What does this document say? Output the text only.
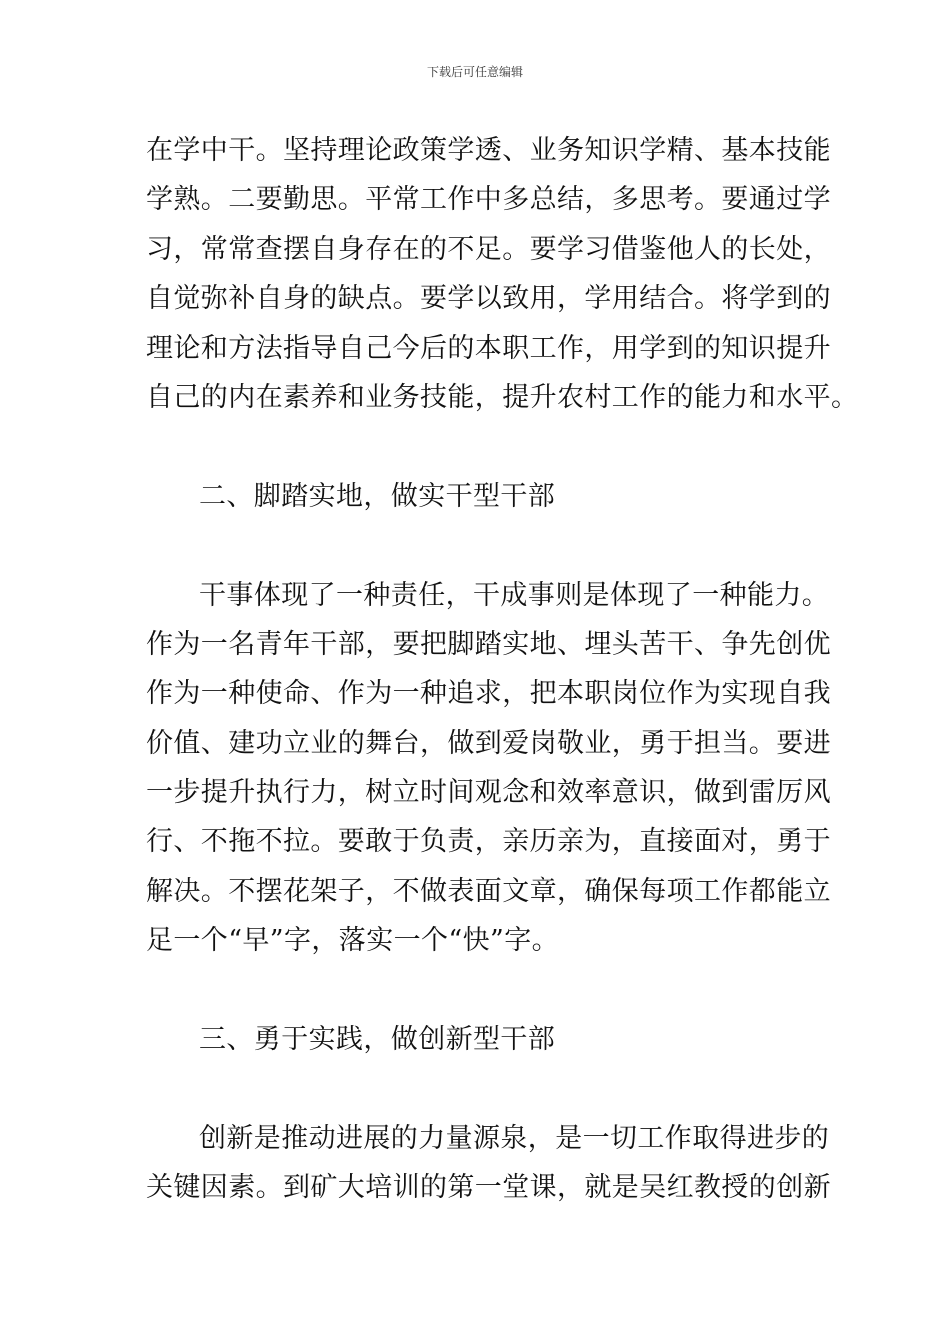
下载后可任意编辑
在学中干。坚持理论政策学透、业务知识学精、基本技能
学熟。二要勤思。平常工作中多总结，多思考。要通过学
习，常常查摆自身存在的不足。要学习借鉴他人的长处，
自觉弥补自身的缺点。要学以致用，学用结合。将学到的
理论和方法指导自己今后的本职工作，用学到的知识提升
自己的内在素养和业务技能，提升农村工作的能力和水平。
二、脚踏实地，做实干型干部
干事体现了一种责任，干成事则是体现了一种能力。
作为一名青年干部，要把脚踏实地、埋头苦干、争先创优
作为一种使命、作为一种追求，把本职岗位作为实现自我
价值、建功立业的舞台，做到爱岗敬业，勇于担当。要进
一步提升执行力，树立时间观念和效率意识，做到雷厉风
行、不拖不拉。要敢于负责，亲历亲为，直接面对，勇于
解决。不摆花架子，不做表面文章，确保每项工作都能立
足一个“早”字，落实一个“快”字。
三、勇于实践，做创新型干部
创新是推动进展的力量源泉，是一切工作取得进步的
关键因素。到矿大培训的第一堂课，就是吴红教授的创新
